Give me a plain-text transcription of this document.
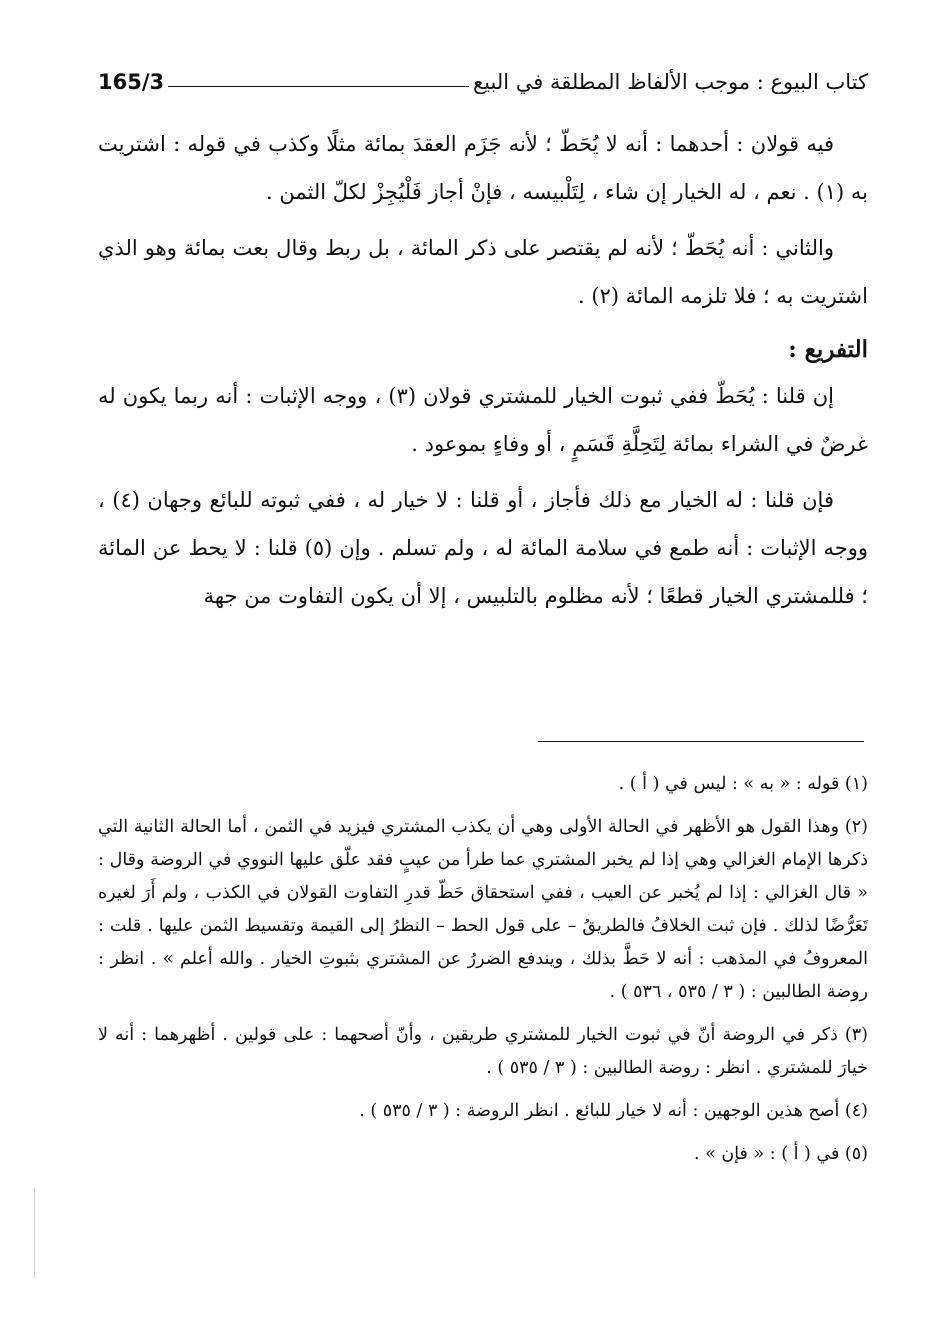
كتاب البيوع : موجب الألفاظ المطلقة في البيع
165/3

فيه قولان : أحدهما : أنه لا يُحَطّ ؛ لأنه جَزَم العقدَ بمائة مثلًا وكذب في قوله : اشتريت به (١) . نعم ، له الخيار إن شاء ، لِتَلْبيسه ، فإنْ أجاز فَلْيُجِزْ لكلّ الثمن .

والثاني : أنه يُحَطّ ؛ لأنه لم يقتصر على ذكر المائة ، بل ربط وقال بعت بمائة وهو الذي اشتريت به ؛ فلا تلزمه المائة (٢) .

التفريع :

إن قلنا : يُحَطّ ففي ثبوت الخيار للمشتري قولان (٣) ، ووجه الإثبات : أنه ربما يكون له غرضٌ في الشراء بمائة لِتَحِلَّةِ قَسَمٍ ، أو وفاءٍ بموعود .

فإن قلنا : له الخيار مع ذلك فأجاز ، أو قلنا : لا خيار له ، ففي ثبوته للبائع وجهان (٤) ، ووجه الإثبات : أنه طمع في سلامة المائة له ، ولم تسلم . وإن (٥) قلنا : لا يحط عن المائة ؛ فللمشتري الخيار قطعًا ؛ لأنه مظلوم بالتلبيس ، إلا أن يكون التفاوت من جهة

(١) قوله : « به » : ليس في ( أ ) .

(٢) وهذا القول هو الأظهر في الحالة الأولى وهي أن يكذب المشتري فيزيد في الثمن ، أما الحالة الثانية التي ذكرها الإمام الغزالي وهي إذا لم يخبر المشتري عما طرأ من عيبٍ فقد علّق عليها النووي في الروضة وقال : « قال الغزالي : إذا لم يُخبر عن العيب ، ففي استحقاق حَطّ قدرِ التفاوت القولان في الكذب ، ولم أَرَ لغيره تَعَرُّضًا لذلك . فإن ثبت الخلافُ فالطريقُ – على قول الحط – النظرُ إلى القيمة وتقسيط الثمن عليها . قلت : المعروفُ في المذهب : أنه لا حَطَّ بذلك ، ويندفع الضررُ عن المشتري بثبوتِ الخيار . والله أعلم » . انظر : روضة الطالبين : ( ٣ / ٥٣٥ ، ٥٣٦ ) .

(٣) ذكر في الروضة أنّ في ثبوت الخيار للمشتري طريقين ، وأنّ أصحهما : على قولين . أظهرهما : أنه لا خيارَ للمشتري . انظر : روضة الطالبين : ( ٣ / ٥٣٥ ) .

(٤) أصح هذين الوجهين : أنه لا خيار للبائع . انظر الروضة : ( ٣ / ٥٣٥ ) .

(٥) في ( أ ) : « فإن » .
